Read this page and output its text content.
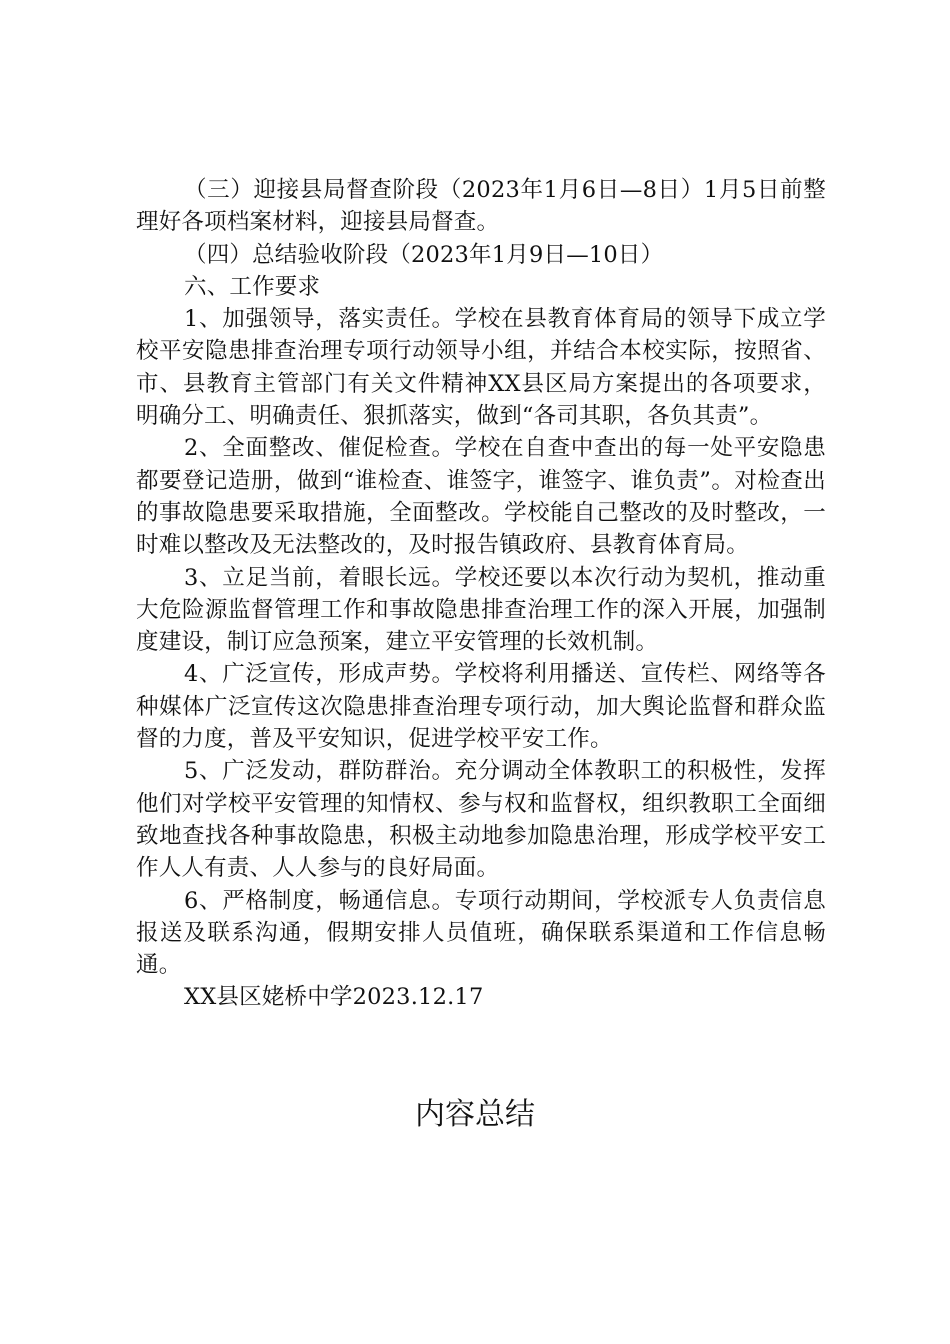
（三）迎接县局督查阶段（2023年1月6日—8日）1月5日前整理好各项档案材料，迎接县局督查。

（四）总结验收阶段（2023年1月9日—10日）

六、工作要求

1、加强领导，落实责任。学校在县教育体育局的领导下成立学校平安隐患排查治理专项行动领导小组，并结合本校实际，按照省、市、县教育主管部门有关文件精神XX县区局方案提出的各项要求，明确分工、明确责任、狠抓落实，做到“各司其职，各负其责”。

2、全面整改、催促检查。学校在自查中查出的每一处平安隐患都要登记造册，做到“谁检查、谁签字，谁签字、谁负责”。对检查出的事故隐患要采取措施，全面整改。学校能自己整改的及时整改，一时难以整改及无法整改的，及时报告镇政府、县教育体育局。

3、立足当前，着眼长远。学校还要以本次行动为契机，推动重大危险源监督管理工作和事故隐患排查治理工作的深入开展，加强制度建设，制订应急预案，建立平安管理的长效机制。

4、广泛宣传，形成声势。学校将利用播送、宣传栏、网络等各种媒体广泛宣传这次隐患排查治理专项行动，加大舆论监督和群众监督的力度，普及平安知识，促进学校平安工作。

5、广泛发动，群防群治。充分调动全体教职工的积极性，发挥他们对学校平安管理的知情权、参与权和监督权，组织教职工全面细致地查找各种事故隐患，积极主动地参加隐患治理，形成学校平安工作人人有责、人人参与的良好局面。

6、严格制度，畅通信息。专项行动期间，学校派专人负责信息报送及联系沟通，假期安排人员值班，确保联系渠道和工作信息畅通。

XX县区姥桥中学2023.12.17

内容总结
